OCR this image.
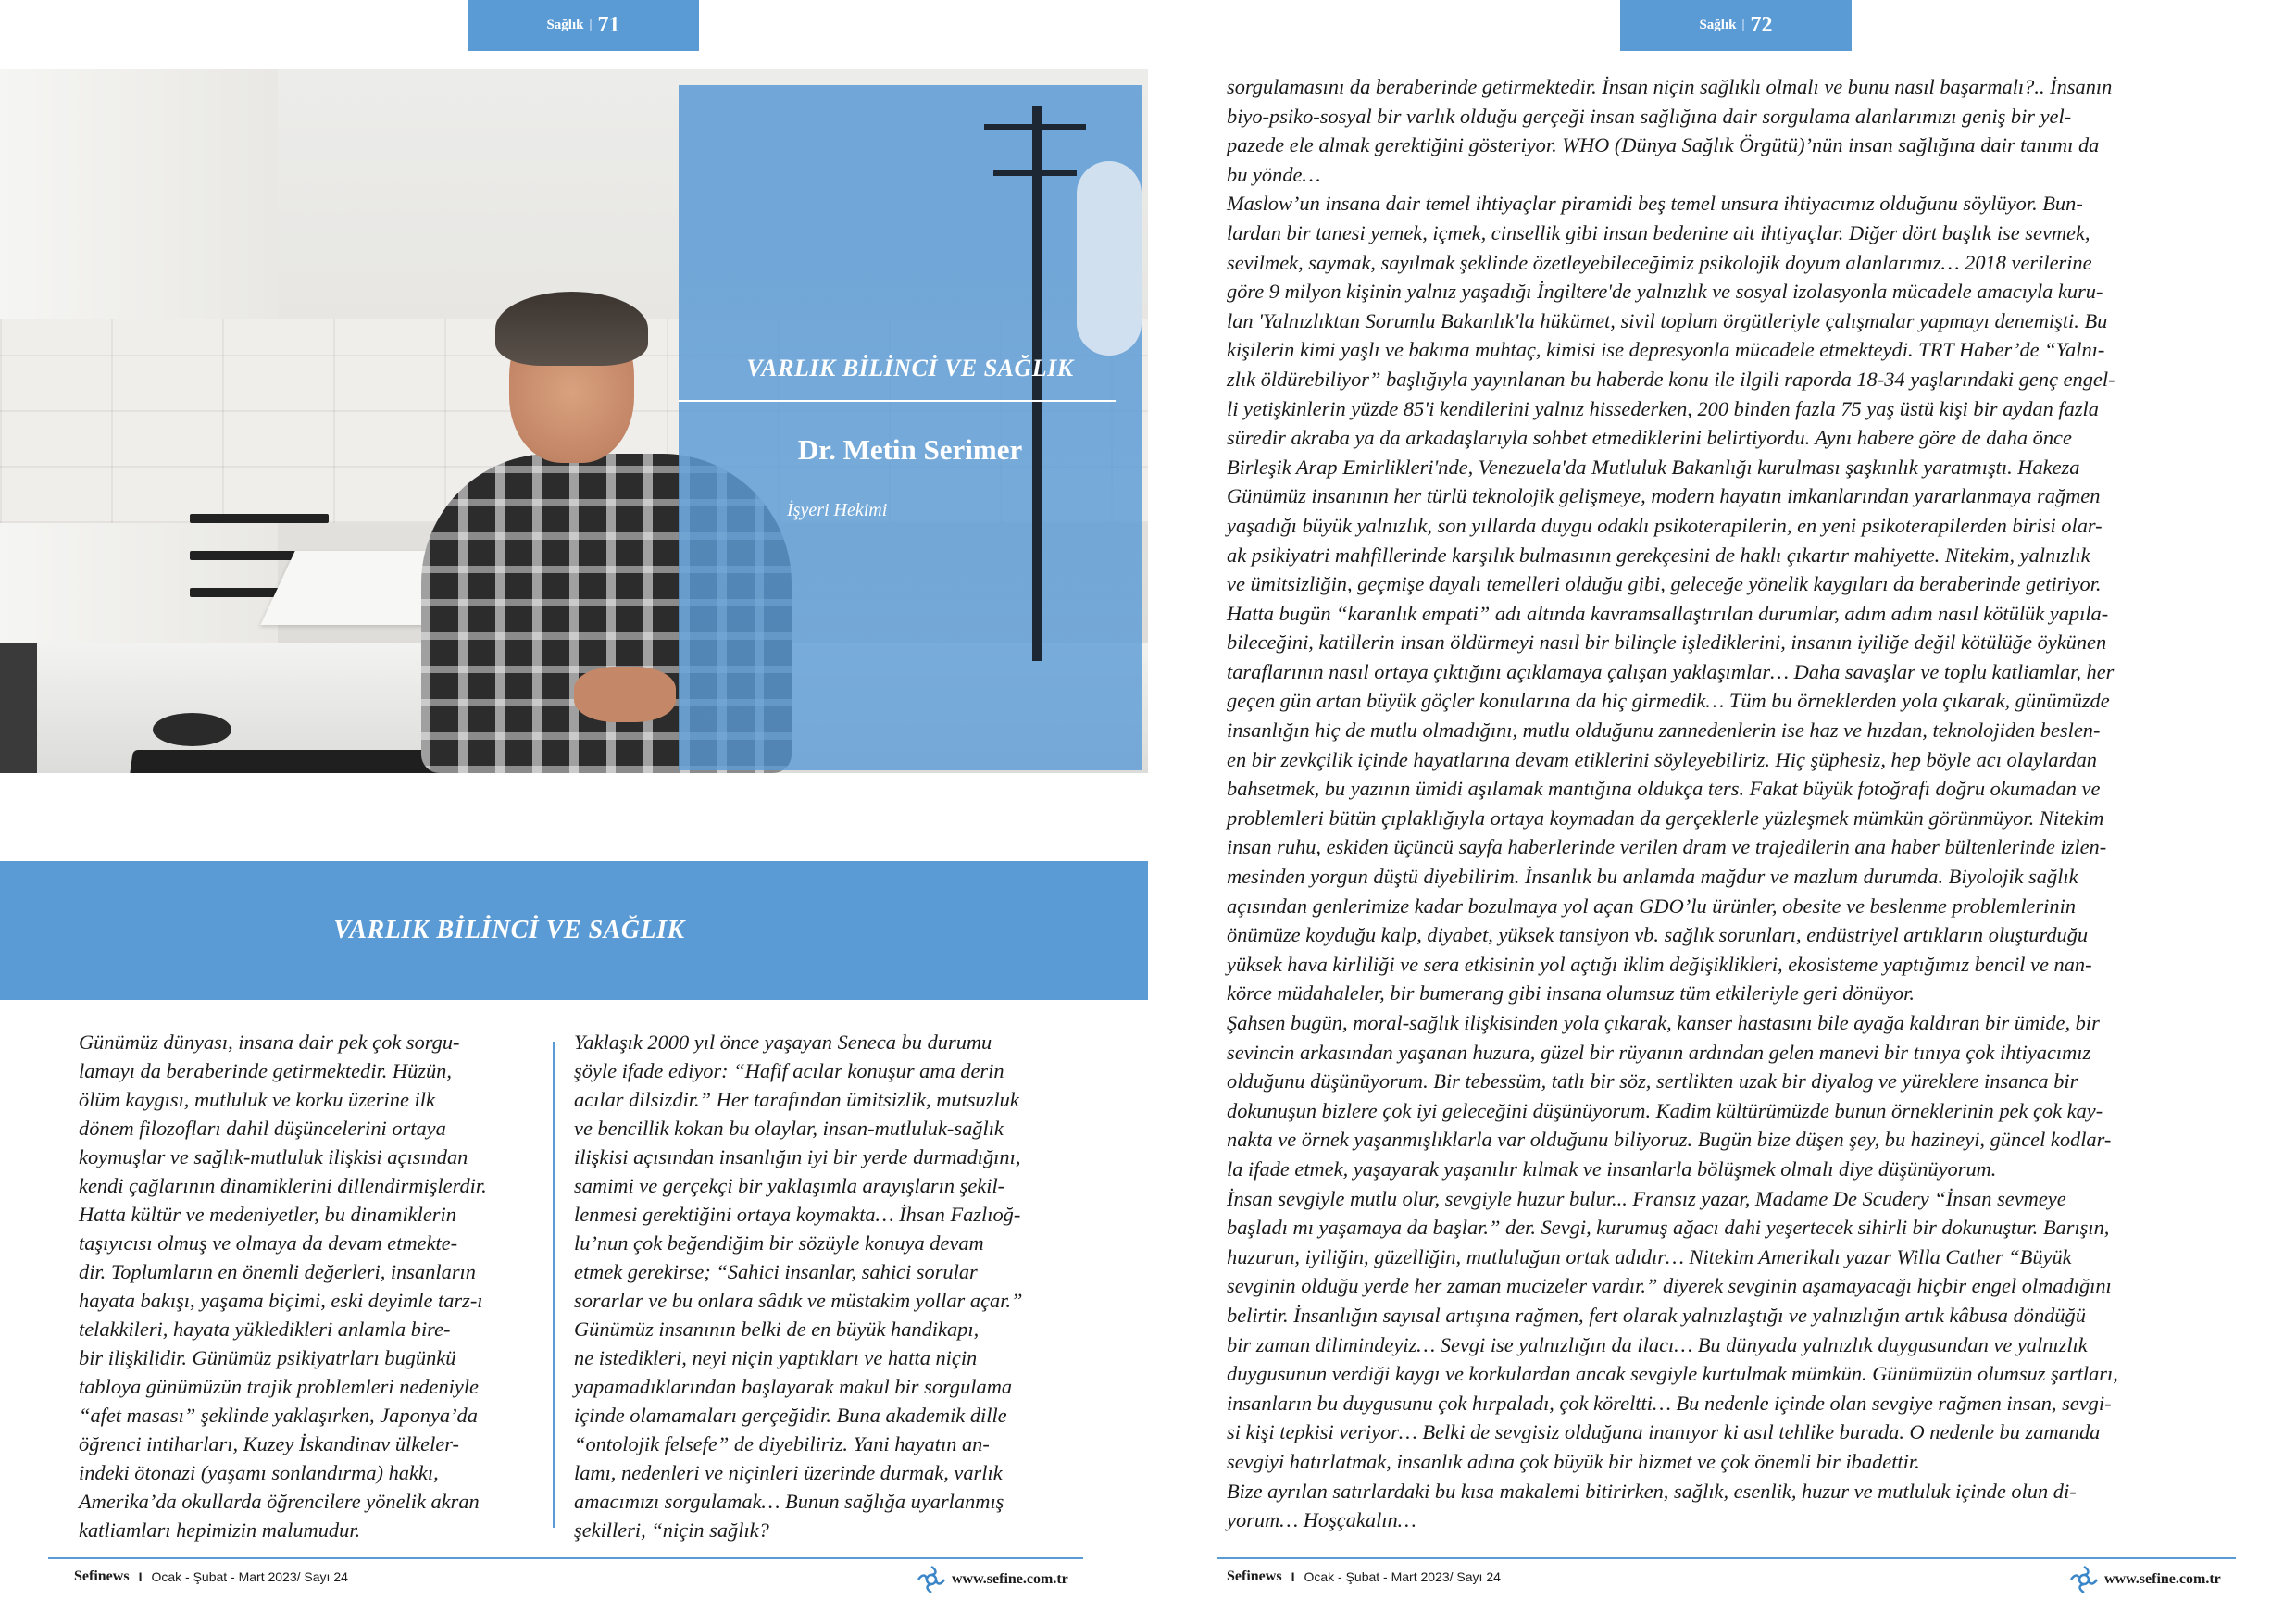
Sağlık | 71
VARLIK BİLİNCİ VE SAĞLIK
Dr. Metin Serimer
İşyeri Hekimi
VARLIK BİLİNCİ VE SAĞLIK

Günümüz dünyası, insana dair pek çok sorgu-

lamayı da beraberinde getirmektedir. Hüzün,

ölüm kaygısı, mutluluk ve korku üzerine ilk

dönem filozofları dahil düşüncelerini ortaya

koymuşlar ve sağlık-mutluluk ilişkisi açısından

kendi çağlarının dinamiklerini dillendirmişlerdir.

Hatta kültür ve medeniyetler, bu dinamiklerin

taşıyıcısı olmuş ve olmaya da devam etmekte-

dir. Toplumların en önemli değerleri, insanların

hayata bakışı, yaşama biçimi, eski deyimle tarz-ı

telakkileri, hayata yükledikleri anlamla bire-

bir ilişkilidir. Günümüz psikiyatrları bugünkü

tabloya günümüzün trajik problemleri nedeniyle

“afet masası” şeklinde yaklaşırken, Japonya’da

öğrenci intiharları, Kuzey İskandinav ülkeler-

indeki ötonazi (yaşamı sonlandırma) hakkı,

Amerika’da okullarda öğrencilere yönelik akran

katliamları hepimizin malumudur.

Yaklaşık 2000 yıl önce yaşayan Seneca bu durumu

şöyle ifade ediyor: “Hafif acılar konuşur ama derin

acılar dilsizdir.” Her tarafından ümitsizlik, mutsuzluk

ve bencillik kokan bu olaylar, insan-mutluluk-sağlık

ilişkisi açısından insanlığın iyi bir yerde durmadığını,

samimi ve gerçekçi bir yaklaşımla arayışların şekil-

lenmesi gerektiğini ortaya koymakta… İhsan Fazlıoğ-

lu’nun çok beğendiğim bir sözüyle konuya devam

etmek gerekirse; “Sahici insanlar, sahici sorular

sorarlar ve bu onlara sâdık ve müstakim yollar açar.”

Günümüz insanının belki de en büyük handikapı,

ne istedikleri, neyi niçin yaptıkları ve hatta niçin

yapamadıklarından başlayarak makul bir sorgulama

içinde olamamaları gerçeğidir. Buna akademik dille

“ontolojik felsefe” de diyebiliriz. Yani hayatın an-

lamı, nedenleri ve niçinleri üzerinde durmak, varlık

amacımızı sorgulamak… Bunun sağlığa uyarlanmış

şekilleri, “niçin sağlık?

Sefinews I Ocak - Şubat - Mart 2023/ Sayı 24	www.sefine.com.tr
Sağlık | 72

sorgulamasını da beraberinde getirmektedir. İnsan niçin sağlıklı olmalı ve bunu nasıl başarmalı?.. İnsanın

biyo-psiko-sosyal bir varlık olduğu gerçeği insan sağlığına dair sorgulama alanlarımızı geniş bir yel-

pazede ele almak gerektiğini gösteriyor. WHO (Dünya Sağlık Örgütü)’nün insan sağlığına dair tanımı da

bu yönde…

Maslow’un insana dair temel ihtiyaçlar piramidi beş temel unsura ihtiyacımız olduğunu söylüyor. Bun-

lardan bir tanesi yemek, içmek, cinsellik gibi insan bedenine ait ihtiyaçlar. Diğer dört başlık ise sevmek,

sevilmek, saymak, sayılmak şeklinde özetleyebileceğimiz psikolojik doyum alanlarımız… 2018 verilerine

göre 9 milyon kişinin yalnız yaşadığı İngiltere'de yalnızlık ve sosyal izolasyonla mücadele amacıyla kuru-

lan 'Yalnızlıktan Sorumlu Bakanlık'la hükümet, sivil toplum örgütleriyle çalışmalar yapmayı denemişti. Bu

kişilerin kimi yaşlı ve bakıma muhtaç, kimisi ise depresyonla mücadele etmekteydi. TRT Haber’de “Yalnı-

zlık öldürebiliyor” başlığıyla yayınlanan bu haberde konu ile ilgili raporda 18-34 yaşlarındaki genç engel-

li yetişkinlerin yüzde 85'i kendilerini yalnız hissederken, 200 binden fazla 75 yaş üstü kişi bir aydan fazla

süredir akraba ya da arkadaşlarıyla sohbet etmediklerini belirtiyordu. Aynı habere göre de daha önce

Birleşik Arap Emirlikleri'nde, Venezuela'da Mutluluk Bakanlığı kurulması şaşkınlık yaratmıştı. Hakeza

Günümüz insanının her türlü teknolojik gelişmeye, modern hayatın imkanlarından yararlanmaya rağmen

yaşadığı büyük yalnızlık, son yıllarda duygu odaklı psikoterapilerin, en yeni psikoterapilerden birisi olar-

ak psikiyatri mahfillerinde karşılık bulmasının gerekçesini de haklı çıkartır mahiyette. Nitekim, yalnızlık

ve ümitsizliğin, geçmişe dayalı temelleri olduğu gibi, geleceğe yönelik kaygıları da beraberinde getiriyor.

Hatta bugün “karanlık empati” adı altında kavramsallaştırılan durumlar, adım adım nasıl kötülük yapıla-

bileceğini, katillerin insan öldürmeyi nasıl bir bilinçle işlediklerini, insanın iyiliğe değil kötülüğe öykünen

taraflarının nasıl ortaya çıktığını açıklamaya çalışan yaklaşımlar… Daha savaşlar ve toplu katliamlar, her

geçen gün artan büyük göçler konularına da hiç girmedik… Tüm bu örneklerden yola çıkarak, günümüzde

insanlığın hiç de mutlu olmadığını, mutlu olduğunu zannedenlerin ise haz ve hızdan, teknolojiden beslen-

en bir zevkçilik içinde hayatlarına devam etiklerini söyleyebiliriz. Hiç şüphesiz, hep böyle acı olaylardan

bahsetmek, bu yazının ümidi aşılamak mantığına oldukça ters. Fakat büyük fotoğrafı doğru okumadan ve

problemleri bütün çıplaklığıyla ortaya koymadan da gerçeklerle yüzleşmek mümkün görünmüyor. Nitekim

insan ruhu, eskiden üçüncü sayfa haberlerinde verilen dram ve trajedilerin ana haber bültenlerinde izlen-

mesinden yorgun düştü diyebilirim. İnsanlık bu anlamda mağdur ve mazlum durumda. Biyolojik sağlık

açısından genlerimize kadar bozulmaya yol açan GDO’lu ürünler, obesite ve beslenme problemlerinin

önümüze koyduğu kalp, diyabet, yüksek tansiyon vb. sağlık sorunları, endüstriyel artıkların oluşturduğu

yüksek hava kirliliği ve sera etkisinin yol açtığı iklim değişiklikleri, ekosisteme yaptığımız bencil ve nan-

körce müdahaleler, bir bumerang gibi insana olumsuz tüm etkileriyle geri dönüyor.

Şahsen bugün, moral-sağlık ilişkisinden yola çıkarak, kanser hastasını bile ayağa kaldıran bir ümide, bir

sevincin arkasından yaşanan huzura, güzel bir rüyanın ardından gelen manevi bir tınıya çok ihtiyacımız

olduğunu düşünüyorum. Bir tebessüm, tatlı bir söz, sertlikten uzak bir diyalog ve yüreklere insanca bir

dokunuşun bizlere çok iyi geleceğini düşünüyorum. Kadim kültürümüzde bunun örneklerinin pek çok kay-

nakta ve örnek yaşanmışlıklarla var olduğunu biliyoruz. Bugün bize düşen şey, bu hazineyi, güncel kodlar-

la ifade etmek, yaşayarak yaşanılır kılmak ve insanlarla bölüşmek olmalı diye düşünüyorum.

İnsan sevgiyle mutlu olur, sevgiyle huzur bulur... Fransız yazar, Madame De Scudery “İnsan sevmeye

başladı mı yaşamaya da başlar.” der. Sevgi, kurumuş ağacı dahi yeşertecek sihirli bir dokunuştur. Barışın,

huzurun, iyiliğin, güzelliğin, mutluluğun ortak adıdır… Nitekim Amerikalı yazar Willa Cather “Büyük

sevginin olduğu yerde her zaman mucizeler vardır.” diyerek sevginin aşamayacağı hiçbir engel olmadığını

belirtir. İnsanlığın sayısal artışına rağmen, fert olarak yalnızlaştığı ve yalnızlığın artık kâbusa döndüğü

bir zaman dilimindeyiz… Sevgi ise yalnızlığın da ilacı… Bu dünyada yalnızlık duygusundan ve yalnızlık

duygusunun verdiği kaygı ve korkulardan ancak sevgiyle kurtulmak mümkün. Günümüzün olumsuz şartları,

insanların bu duygusunu çok hırpaladı, çok köreltti… Bu nedenle içinde olan sevgiye rağmen insan, sevgi-

si kişi tepkisi veriyor… Belki de sevgisiz olduğuna inanıyor ki asıl tehlike burada. O nedenle bu zamanda

sevgiyi hatırlatmak, insanlık adına çok büyük bir hizmet ve çok önemli bir ibadettir.

Bize ayrılan satırlardaki bu kısa makalemi bitirirken, sağlık, esenlik, huzur ve mutluluk içinde olun di-

yorum… Hoşçakalın…

Sefinews I Ocak - Şubat - Mart 2023/ Sayı 24	www.sefine.com.tr
